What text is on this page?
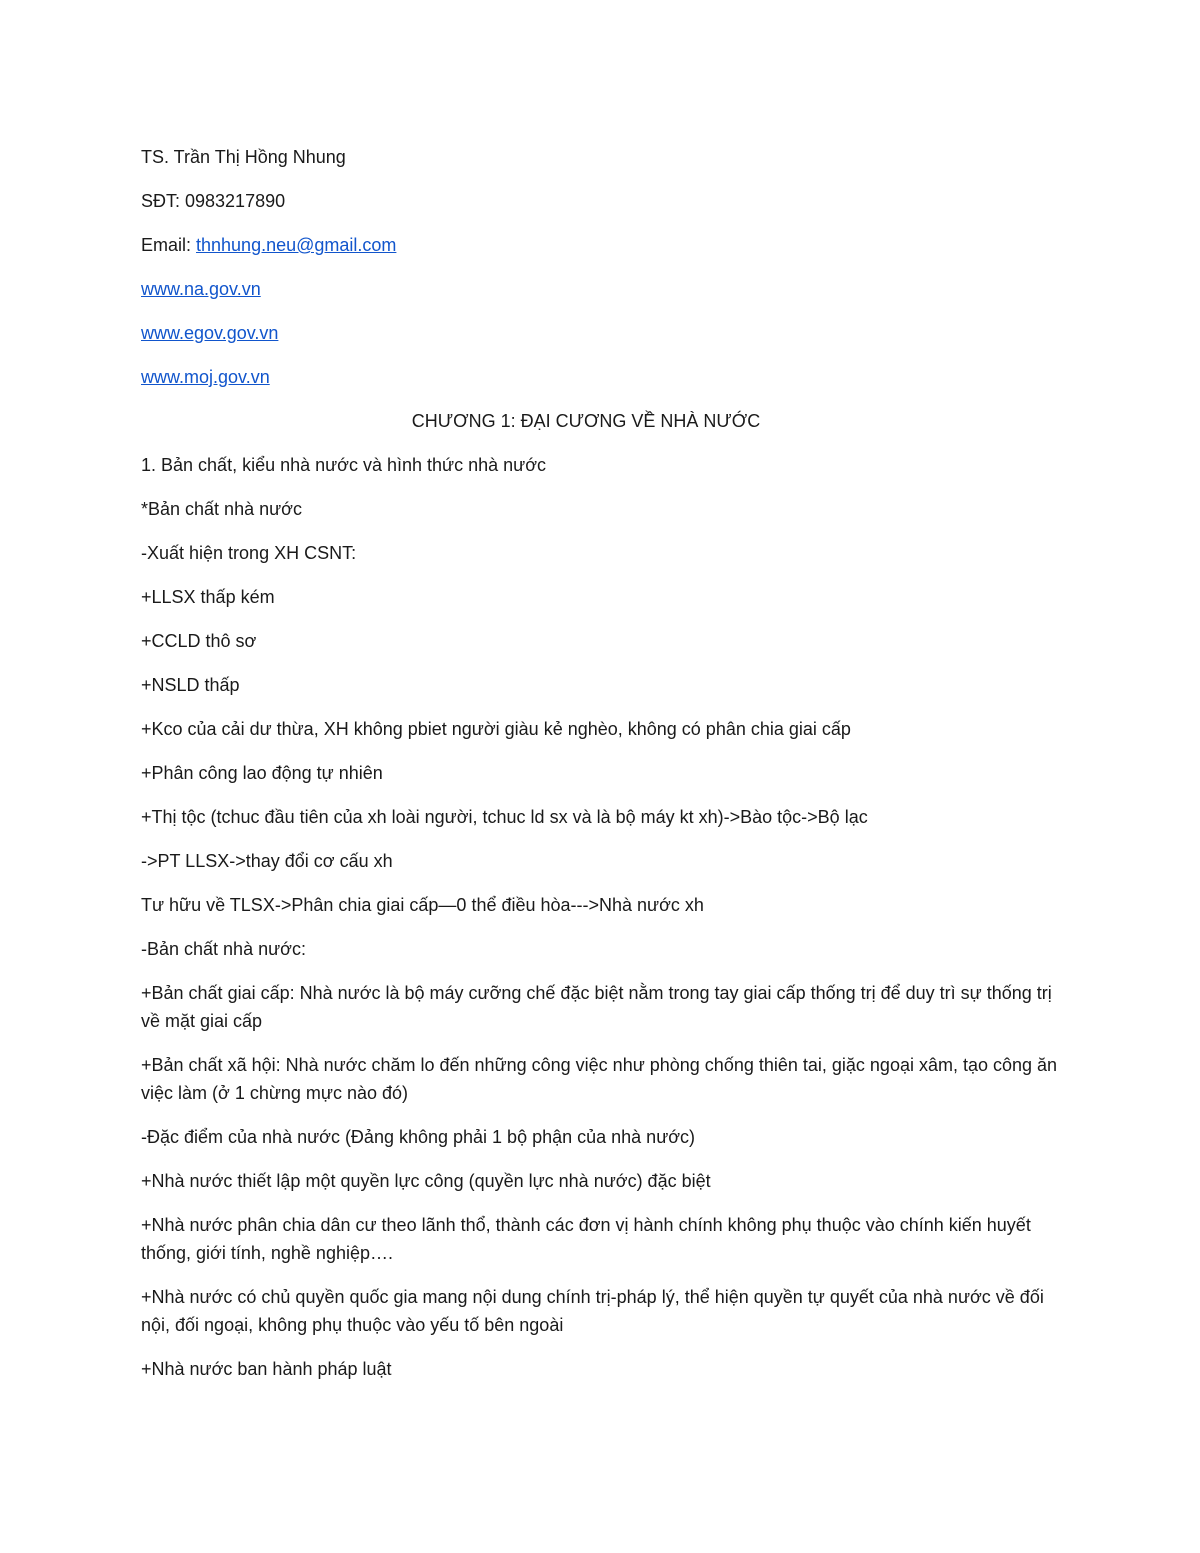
TS. Trần Thị Hồng Nhung

SĐT: 0983217890

Email: thnhung.neu@gmail.com

www.na.gov.vn

www.egov.gov.vn

www.moj.gov.vn

CHƯƠNG 1: ĐẠI CƯƠNG VỀ NHÀ NƯỚC

1. Bản chất, kiểu nhà nước và hình thức nhà nước

*Bản chất nhà nước

-Xuất hiện trong XH CSNT:

+LLSX thấp kém

+CCLD thô sơ

+NSLD thấp

+Kco của cải dư thừa, XH không pbiet người giàu kẻ nghèo, không có phân chia giai cấp

+Phân công lao động tự nhiên

+Thị tộc (tchuc đầu tiên của xh loài người, tchuc ld sx và là bộ máy kt xh)->Bào tộc->Bộ lạc

->PT LLSX->thay đổi cơ cấu xh

Tư hữu về TLSX->Phân chia giai cấp—0 thể điều hòa--->Nhà nước xh

-Bản chất nhà nước:

+Bản chất giai cấp: Nhà nước là bộ máy cưỡng chế đặc biệt nằm trong tay giai cấp thống trị để duy trì sự thống trị về mặt giai cấp

+Bản chất xã hội: Nhà nước chăm lo đến những công việc như phòng chống thiên tai, giặc ngoại xâm, tạo công ăn việc làm (ở 1 chừng mực nào đó)

-Đặc điểm của nhà nước (Đảng không phải 1 bộ phận của nhà nước)

+Nhà nước thiết lập một quyền lực công (quyền lực nhà nước) đặc biệt

+Nhà nước phân chia dân cư theo lãnh thổ, thành các đơn vị hành chính không phụ thuộc vào chính kiến huyết thống, giới tính, nghề nghiệp….

+Nhà nước có chủ quyền quốc gia mang nội dung chính trị-pháp lý, thể hiện quyền tự quyết của nhà nước về đối nội, đối ngoại, không phụ thuộc vào yếu tố bên ngoài

+Nhà nước ban hành pháp luật
